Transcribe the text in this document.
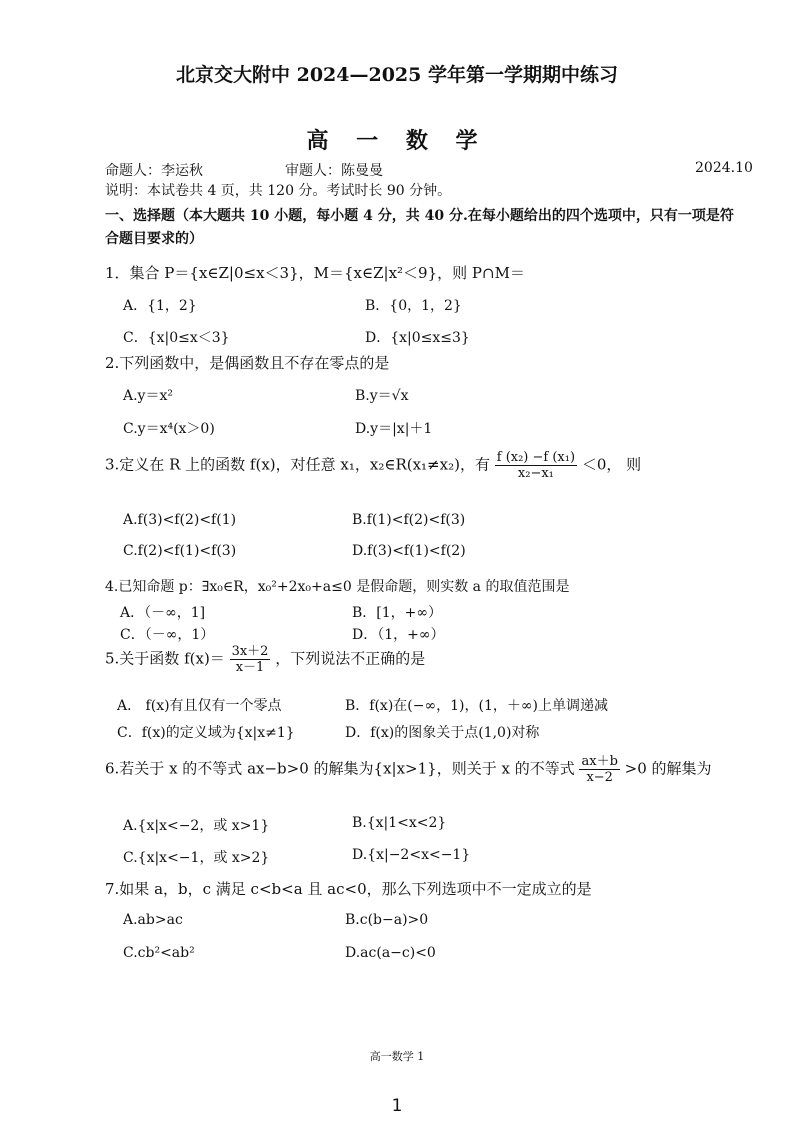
北京交大附中 2024—2025 学年第一学期期中练习
高 一 数 学
命题人：李运秋	审题人：陈曼曼	2024.10
说明：本试卷共 4 页，共 120 分。考试时长 90 分钟。
一、选择题（本大题共 10 小题，每小题 4 分，共 40 分.在每小题给出的四个选项中，只有一项是符合题目要求的）
1．集合 P＝{x∈Z|0≤x＜3}，M＝{x∈Z|x²＜9}，则 P∩M＝
A．{1，2}	B．{0，1，2}
C．{x|0≤x＜3}	D．{x|0≤x≤3}
2.下列函数中，是偶函数且不存在零点的是
A.y＝x²	B.y＝√x
C.y＝x⁴(x＞0)	D.y＝|x|＋1
3.定义在 R 上的函数 f(x)，对任意 x₁，x₂∈R(x₁≠x₂)，有 $\frac{\text{f (x₂) −f (x₁)}}{\text{x₂−x₁}} <0$， 则
A.f(3)<f(2)<f(1)	B.f(1)<f(2)<f(3)
C.f(2)<f(1)<f(3)	D.f(3)<f(1)<f(2)
4.已知命题 p：∃x₀∈R，x₀²+2x₀+a≤0 是假命题，则实数 a 的取值范围是
A．（－∞，1]	B．[1，+∞）
C．（－∞，1）	D．（1，+∞）
5.关于函数 $f(x)= \frac{3x+2}{x-1}$ ，下列说法不正确的是
A． f(x)有且仅有一个零点	B．f(x)在(−∞，1)，(1，＋∞)上单调递减
C．f(x)的定义域为{x|x≠1}	D．f(x)的图象关于点(1,0)对称
6.若关于 x 的不等式 ax−b>0 的解集为{x|x>1}，则关于 x 的不等式 $\frac{ax+b}{x-2} >0$ 的解集为
A.{x|x<−2，或 x>1}	B.{x|1<x<2}
C.{x|x<−1，或 x>2}	D.{x|−2<x<−1}
7.如果 a，b，c 满足 c<b<a 且 ac<0，那么下列选项中不一定成立的是
A.ab>ac	B.c(b−a)>0
C.cb²<ab²	D.ac(a−c)<0
高一数学 1
1
